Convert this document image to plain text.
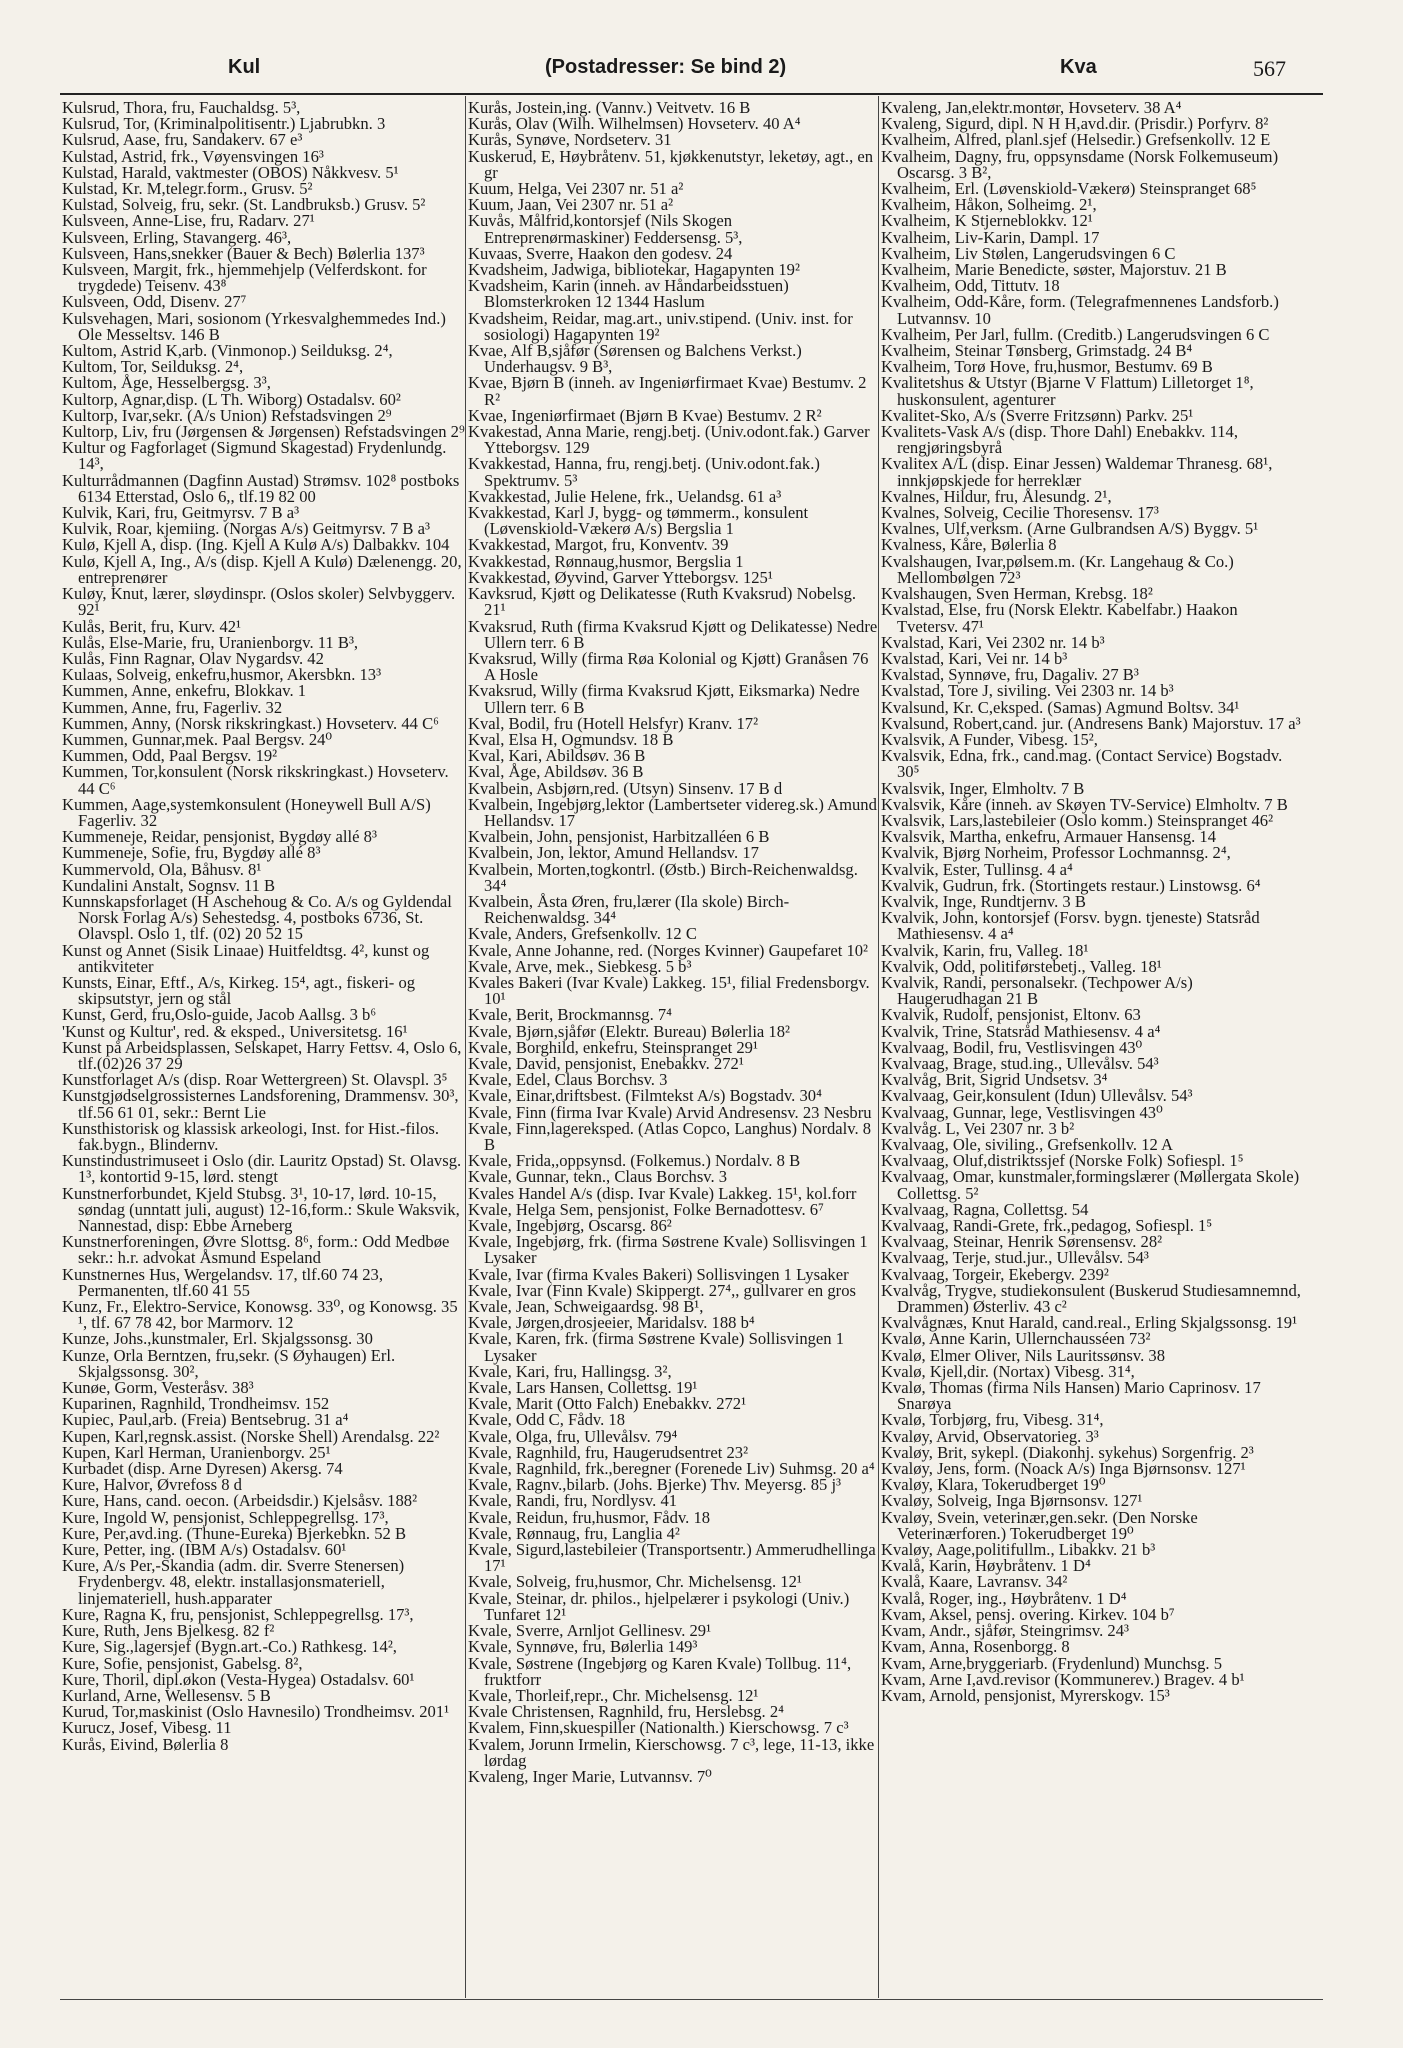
Kul	(Postadresser: Se bind 2)	Kva	567
Kulsrud, Thora, fru, Fauchaldsg. 5³,
Kulsrud, Tor, (Kriminalpolitisentr.) Ljabrubkn. 3
Kulsrud, Aase, fru, Sandakerv. 67 e³
Kulstad, Astrid, frk., Vøyensvingen 16³
Kulstad, Harald, vaktmester (OBOS) Nåkkvesv. 5¹
Kulstad, Kr. M,telegr.form., Grusv. 5²
Kulstad, Solveig, fru, sekr. (St. Landbruksb.) Grusv. 5²
Kulsveen, Anne-Lise, fru, Radarv. 27¹
Kulsveen, Erling, Stavangerg. 46³,
Kulsveen, Hans,snekker (Bauer & Bech) Bølerlia 137³
Kulsveen, Margit, frk., hjemmehjelp (Velferdskont. for trygdede) Teisenv. 43⁸
Kulsveen, Odd, Disenv. 27⁷
Kulsvehagen, Mari, sosionom (Yrkesvalghemmedes Ind.) Ole Messeltsv. 146 B
Kultom, Astrid K,arb. (Vinmonop.) Seilduksg. 2⁴,
Kultom, Tor, Seilduksg. 2⁴,
Kultom, Åge, Hesselbergsg. 3³,
Kultorp, Agnar,disp. (L Th. Wiborg) Ostadalsv. 60²
Kultorp, Ivar,sekr. (A/s Union) Refstadsvingen 2⁹
Kultorp, Liv, fru (Jørgensen & Jørgensen) Refstadsvingen 2⁹
Kultur og Fagforlaget (Sigmund Skagestad) Frydenlundg. 14³,
Kulturrådmannen (Dagfinn Austad) Strømsv. 102⁸ postboks 6134 Etterstad, Oslo 6,, tlf.19 82 00
Kulvik, Kari, fru, Geitmyrsv. 7 B a³
Kulvik, Roar, kjemiing. (Norgas A/s) Geitmyrsv. 7 B a³
Kulø, Kjell A, disp. (Ing. Kjell A Kulø A/s) Dalbakkv. 104
Kulø, Kjell A, Ing., A/s (disp. Kjell A Kulø) Dælenengg. 20, entreprenører
Kuløy, Knut, lærer, sløydinspr. (Oslos skoler) Selvbyggerv. 92¹
Kulås, Berit, fru, Kurv. 42¹
Kulås, Else-Marie, fru, Uranienborgv. 11 B³,
Kulås, Finn Ragnar, Olav Nygardsv. 42
Kulaas, Solveig, enkefru,husmor, Akersbkn. 13³
Kummen, Anne, enkefru, Blokkav. 1
Kummen, Anne, fru, Fagerliv. 32
Kummen, Anny, (Norsk rikskringkast.) Hovseterv. 44 C⁶
Kummen, Gunnar,mek. Paal Bergsv. 24⁰
Kummen, Odd, Paal Bergsv. 19²
Kummen, Tor,konsulent (Norsk rikskringkast.) Hovseterv. 44 C⁶
Kummen, Aage,systemkonsulent (Honeywell Bull A/S) Fagerliv. 32
Kummeneje, Reidar, pensjonist, Bygdøy allé 8³
Kummeneje, Sofie, fru, Bygdøy allé 8³
Kummervold, Ola, Båhusv. 8¹
Kundalini Anstalt, Sognsv. 11 B
Kunnskapsforlaget (H Aschehoug & Co. A/s og Gyldendal Norsk Forlag A/s) Sehestedsg. 4, postboks 6736, St. Olavspl. Oslo 1, tlf. (02) 20 52 15
Kunst og Annet (Sisik Linaae) Huitfeldtsg. 4², kunst og antikviteter
Kunsts, Einar, Eftf., A/s, Kirkeg. 15⁴, agt., fiskeri- og skipsutstyr, jern og stål
Kunst, Gerd, fru,Oslo-guide, Jacob Aallsg. 3 b⁶
'Kunst og Kultur', red. & eksped., Universitetsg. 16¹
Kunst på Arbeidsplassen, Selskapet, Harry Fettsv. 4, Oslo 6, tlf.(02)26 37 29
Kunstforlaget A/s (disp. Roar Wettergreen) St. Olavspl. 3⁵
Kunstgjødselgrossisternes Landsforening, Drammensv. 30³, tlf.56 61 01, sekr.: Bernt Lie
Kunsthistorisk og klassisk arkeologi, Inst. for Hist.-filos. fak.bygn., Blindernv.
Kunstindustrimuseet i Oslo (dir. Lauritz Opstad) St. Olavsg. 1³, kontortid 9-15, lørd. stengt
Kunstnerforbundet, Kjeld Stubsg. 3¹, 10-17, lørd. 10-15, søndag (unntatt juli, august) 12-16,form.: Skule Waksvik, Nannestad, disp: Ebbe Arneberg
Kunstnerforeningen, Øvre Slottsg. 8⁶, form.: Odd Medbøe sekr.: h.r. advokat Åsmund Espeland
Kunstnernes Hus, Wergelandsv. 17, tlf.60 74 23, Permanenten, tlf.60 41 55
Kunz, Fr., Elektro-Service, Konowsg. 33⁰, og Konowsg. 35 ¹, tlf. 67 78 42, bor Marmorv. 12
Kunze, Johs.,kunstmaler, Erl. Skjalgssonsg. 30
Kunze, Orla Berntzen, fru,sekr. (S Øyhaugen) Erl. Skjalgssonsg. 30²,
Kunøe, Gorm, Vesteråsv. 38³
Kuparinen, Ragnhild, Trondheimsv. 152
Kupiec, Paul,arb. (Freia) Bentsebrug. 31 a⁴
Kupen, Karl,regnsk.assist. (Norske Shell) Arendalsg. 22²
Kupen, Karl Herman, Uranienborgv. 25¹
Kurbadet (disp. Arne Dyresen) Akersg. 74
Kure, Halvor, Øvrefoss 8 d
Kure, Hans, cand. oecon. (Arbeidsdir.) Kjelsåsv. 188²
Kure, Ingold W, pensjonist, Schleppegrellsg. 17³,
Kure, Per,avd.ing. (Thune-Eureka) Bjerkebkn. 52 B
Kure, Petter, ing. (IBM A/s) Ostadalsv. 60¹
Kure, A/s Per,-Skandia (adm. dir. Sverre Stenersen) Frydenbergv. 48, elektr. installasjonsmateriell, linjemateriell, hush.apparater
Kure, Ragna K, fru, pensjonist, Schleppegrellsg. 17³,
Kure, Ruth, Jens Bjelkesg. 82 f²
Kure, Sig.,lagersjef (Bygn.art.-Co.) Rathkesg. 14²,
Kure, Sofie, pensjonist, Gabelsg. 8²,
Kure, Thoril, dipl.økon (Vesta-Hygea) Ostadalsv. 60¹
Kurland, Arne, Wellesensv. 5 B
Kurud, Tor,maskinist (Oslo Havnesilo) Trondheimsv. 201¹
Kurucz, Josef, Vibesg. 11
Kurås, Eivind, Bølerlia 8
Kurås, Jostein,ing. (Vannv.) Veitvetv. 16 B
Kurås, Olav (Wilh. Wilhelmsen) Hovseterv. 40 A⁴
Kurås, Synøve, Nordseterv. 31
Kuskerud, E, Høybråtenv. 51, kjøkkenutstyr, leketøy, agt., en gr
Kuum, Helga, Vei 2307 nr. 51 a²
Kuum, Jaan, Vei 2307 nr. 51 a²
Kuvås, Målfrid,kontorsjef (Nils Skogen Entreprenørmaskiner) Feddersensg. 5³,
Kuvaas, Sverre, Haakon den godesv. 24
Kvadsheim, Jadwiga, bibliotekar, Hagapynten 19²
Kvadsheim, Karin (inneh. av Håndarbeidsstuen) Blomsterkroken 12 1344 Haslum
Kvadsheim, Reidar, mag.art., univ.stipend. (Univ. inst. for sosiologi) Hagapynten 19²
Kvae, Alf B,sjåfør (Sørensen og Balchens Verkst.) Underhaugsv. 9 B³,
Kvae, Bjørn B (inneh. av Ingeniørfirmaet Kvae) Bestumv. 2 R²
Kvae, Ingeniørfirmaet (Bjørn B Kvae) Bestumv. 2 R²
Kvakestad, Anna Marie, rengj.betj. (Univ.odont.fak.) Garver Ytteborgsv. 129
Kvakkestad, Hanna, fru, rengj.betj. (Univ.odont.fak.) Spektrumv. 5³
Kvakkestad, Julie Helene, frk., Uelandsg. 61 a³
Kvakkestad, Karl J, bygg- og tømmerm., konsulent (Løvenskiold-Vækerø A/s) Bergslia 1
Kvakkestad, Margot, fru, Konventv. 39
Kvakkestad, Rønnaug,husmor, Bergslia 1
Kvakkestad, Øyvind, Garver Ytteborgsv. 125¹
Kavksrud, Kjøtt og Delikatesse (Ruth Kvaksrud) Nobelsg. 21¹
Kvaksrud, Ruth (firma Kvaksrud Kjøtt og Delikatesse) Nedre Ullern terr. 6 B
Kvaksrud, Willy (firma Røa Kolonial og Kjøtt) Granåsen 76 A Hosle
Kvaksrud, Willy (firma Kvaksrud Kjøtt, Eiksmarka) Nedre Ullern terr. 6 B
Kval, Bodil, fru (Hotell Helsfyr) Kranv. 17²
Kval, Elsa H, Ogmundsv. 18 B
Kval, Kari, Abildsøv. 36 B
Kval, Åge, Abildsøv. 36 B
Kvalbein, Asbjørn,red. (Utsyn) Sinsenv. 17 B d
Kvalbein, Ingebjørg,lektor (Lambertseter videreg.sk.) Amund Hellandsv. 17
Kvalbein, John, pensjonist, Harbitzalléen 6 B
Kvalbein, Jon, lektor, Amund Hellandsv. 17
Kvalbein, Morten,togkontrl. (Østb.) Birch-Reichenwaldsg. 34⁴
Kvalbein, Åsta Øren, fru,lærer (Ila skole) Birch-Reichenwaldsg. 34⁴
Kvale, Anders, Grefsenkollv. 12 C
Kvale, Anne Johanne, red. (Norges Kvinner) Gaupefaret 10²
Kvale, Arve, mek., Siebkesg. 5 b³
Kvales Bakeri (Ivar Kvale) Lakkeg. 15¹, filial Fredensborgv. 10¹
Kvale, Berit, Brockmannsg. 7⁴
Kvale, Bjørn,sjåfør (Elektr. Bureau) Bølerlia 18²
Kvale, Borghild, enkefru, Steinspranget 29¹
Kvale, David, pensjonist, Enebakkv. 272¹
Kvale, Edel, Claus Borchsv. 3
Kvale, Einar,driftsbest. (Filmtekst A/s) Bogstadv. 30⁴
Kvale, Finn (firma Ivar Kvale) Arvid Andresensv. 23 Nesbru
Kvale, Finn,lagereksped. (Atlas Copco, Langhus) Nordalv. 8 B
Kvale, Frida,,oppsynsd. (Folkemus.) Nordalv. 8 B
Kvale, Gunnar, tekn., Claus Borchsv. 3
Kvales Handel A/s (disp. Ivar Kvale) Lakkeg. 15¹, kol.forr
Kvale, Helga Sem, pensjonist, Folke Bernadottesv. 6⁷
Kvale, Ingebjørg, Oscarsg. 86²
Kvale, Ingebjørg, frk. (firma Søstrene Kvale) Sollisvingen 1 Lysaker
Kvale, Ivar (firma Kvales Bakeri) Sollisvingen 1 Lysaker
Kvale, Ivar (Finn Kvale) Skippergt. 27⁴,, gullvarer en gros
Kvale, Jean, Schweigaardsg. 98 B¹,
Kvale, Jørgen,drosjeeier, Maridalsv. 188 b⁴
Kvale, Karen, frk. (firma Søstrene Kvale) Sollisvingen 1 Lysaker
Kvale, Kari, fru, Hallingsg. 3²,
Kvale, Lars Hansen, Collettsg. 19¹
Kvale, Marit (Otto Falch) Enebakkv. 272¹
Kvale, Odd C, Fådv. 18
Kvale, Olga, fru, Ullevålsv. 79⁴
Kvale, Ragnhild, fru, Haugerudsentret 23²
Kvale, Ragnhild, frk.,beregner (Forenede Liv) Suhmsg. 20 a⁴
Kvale, Ragnv.,bilarb. (Johs. Bjerke) Thv. Meyersg. 85 j³
Kvale, Randi, fru, Nordlysv. 41
Kvale, Reidun, fru,husmor, Fådv. 18
Kvale, Rønnaug, fru, Langlia 4²
Kvale, Sigurd,lastebileier (Transportsentr.) Ammerudhellinga 17¹
Kvale, Solveig, fru,husmor, Chr. Michelsensg. 12¹
Kvale, Steinar, dr. philos., hjelpelærer i psykologi (Univ.) Tunfaret 12¹
Kvale, Sverre, Arnljot Gellinesv. 29¹
Kvale, Synnøve, fru, Bølerlia 149³
Kvale, Søstrene (Ingebjørg og Karen Kvale) Tollbug. 11⁴, fruktforr
Kvale, Thorleif,repr., Chr. Michelsensg. 12¹
Kvale Christensen, Ragnhild, fru, Herslebsg. 2⁴
Kvalem, Finn,skuespiller (Nationalth.) Kierschowsg. 7 c³
Kvalem, Jorunn Irmelin, Kierschowsg. 7 c³, lege, 11-13, ikke lørdag
Kvaleng, Inger Marie, Lutvannsv. 7⁰
Kvaleng, Jan,elektr.montør, Hovseterv. 38 A⁴
Kvaleng, Sigurd, dipl. N H H,avd.dir. (Prisdir.) Porfyrv. 8²
Kvalheim, Alfred, planl.sjef (Helsedir.) Grefsenkollv. 12 E
Kvalheim, Dagny, fru, oppsynsdame (Norsk Folkemuseum) Oscarsg. 3 B²,
Kvalheim, Erl. (Løvenskiold-Vækerø) Steinspranget 68⁵
Kvalheim, Håkon, Solheimg. 2¹,
Kvalheim, K Stjerneblokkv. 12¹
Kvalheim, Liv-Karin, Dampl. 17
Kvalheim, Liv Stølen, Langerudsvingen 6 C
Kvalheim, Marie Benedicte, søster, Majorstuv. 21 B
Kvalheim, Odd, Tittutv. 18
Kvalheim, Odd-Kåre, form. (Telegrafmennenes Landsforb.) Lutvannsv. 10
Kvalheim, Per Jarl, fullm. (Creditb.) Langerudsvingen 6 C
Kvalheim, Steinar Tønsberg, Grimstadg. 24 B⁴
Kvalheim, Torø Hove, fru,husmor, Bestumv. 69 B
Kvalitetshus & Utstyr (Bjarne V Flattum) Lilletorget 1⁸, huskonsulent, agenturer
Kvalitet-Sko, A/s (Sverre Fritzsønn) Parkv. 25¹
Kvalitets-Vask A/s (disp. Thore Dahl) Enebakkv. 114, rengjøringsbyrå
Kvalitex A/L (disp. Einar Jessen) Waldemar Thranesg. 68¹, innkjøpskjede for herreklær
Kvalnes, Hildur, fru, Ålesundg. 2¹,
Kvalnes, Solveig, Cecilie Thoresensv. 17³
Kvalnes, Ulf,verksm. (Arne Gulbrandsen A/S) Byggv. 5¹
Kvalness, Kåre, Bølerlia 8
Kvalshaugen, Ivar,pølsem.m. (Kr. Langehaug & Co.) Mellombølgen 72³
Kvalshaugen, Sven Herman, Krebsg. 18²
Kvalstad, Else, fru (Norsk Elektr. Kabelfabr.) Haakon Tvetersv. 47¹
Kvalstad, Kari, Vei 2302 nr. 14 b³
Kvalstad, Kari, Vei nr. 14 b³
Kvalstad, Synnøve, fru, Dagaliv. 27 B³
Kvalstad, Tore J, siviling. Vei 2303 nr. 14 b³
Kvalsund, Kr. C,eksped. (Samas) Agmund Boltsv. 34¹
Kvalsund, Robert,cand. jur. (Andresens Bank) Majorstuv. 17 a³
Kvalsvik, A Funder, Vibesg. 15²,
Kvalsvik, Edna, frk., cand.mag. (Contact Service) Bogstadv. 30⁵
Kvalsvik, Inger, Elmholtv. 7 B
Kvalsvik, Kåre (inneh. av Skøyen TV-Service) Elmholtv. 7 B
Kvalsvik, Lars,lastebileier (Oslo komm.) Steinspranget 46²
Kvalsvik, Martha, enkefru, Armauer Hansensg. 14
Kvalvik, Bjørg Norheim, Professor Lochmannsg. 2⁴,
Kvalvik, Ester, Tullinsg. 4 a⁴
Kvalvik, Gudrun, frk. (Stortingets restaur.) Linstowsg. 6⁴
Kvalvik, Inge, Rundtjernv. 3 B
Kvalvik, John, kontorsjef (Forsv. bygn. tjeneste) Statsråd Mathiesensv. 4 a⁴
Kvalvik, Karin, fru, Valleg. 18¹
Kvalvik, Odd, politiførstebetj., Valleg. 18¹
Kvalvik, Randi, personalsekr. (Techpower A/s) Haugerudhagan 21 B
Kvalvik, Rudolf, pensjonist, Eltonv. 63
Kvalvik, Trine, Statsråd Mathiesensv. 4 a⁴
Kvalvaag, Bodil, fru, Vestlisvingen 43⁰
Kvalvaag, Brage, stud.ing., Ullevålsv. 54³
Kvalvåg, Brit, Sigrid Undsetsv. 3⁴
Kvalvaag, Geir,konsulent (Idun) Ullevålsv. 54³
Kvalvaag, Gunnar, lege, Vestlisvingen 43⁰
Kvalvåg. L, Vei 2307 nr. 3 b²
Kvalvaag, Ole, siviling., Grefsenkollv. 12 A
Kvalvaag, Oluf,distriktssjef (Norske Folk) Sofiespl. 1⁵
Kvalvaag, Omar, kunstmaler,formingslærer (Møllergata Skole) Collettsg. 5²
Kvalvaag, Ragna, Collettsg. 54
Kvalvaag, Randi-Grete, frk.,pedagog, Sofiespl. 1⁵
Kvalvaag, Steinar, Henrik Sørensensv. 28²
Kvalvaag, Terje, stud.jur., Ullevålsv. 54³
Kvalvaag, Torgeir, Ekebergv. 239²
Kvalvåg, Trygve, studiekonsulent (Buskerud Studiesamnemnd, Drammen) Østerliv. 43 c²
Kvalvågnæs, Knut Harald, cand.real., Erling Skjalgssonsg. 19¹
Kvalø, Anne Karin, Ullernchausséen 73²
Kvalø, Elmer Oliver, Nils Lauritssønsv. 38
Kvalø, Kjell,dir. (Nortax) Vibesg. 31⁴,
Kvalø, Thomas (firma Nils Hansen) Mario Caprinosv. 17 Snarøya
Kvalø, Torbjørg, fru, Vibesg. 31⁴,
Kvaløy, Arvid, Observatorieg. 3³
Kvaløy, Brit, sykepl. (Diakonhj. sykehus) Sorgenfrig. 2³
Kvaløy, Jens, form. (Noack A/s) Inga Bjørnsonsv. 127¹
Kvaløy, Klara, Tokerudberget 19⁰
Kvaløy, Solveig, Inga Bjørnsonsv. 127¹
Kvaløy, Svein, veterinær,gen.sekr. (Den Norske Veterinærforen.) Tokerudberget 19⁰
Kvaløy, Aage,politifullm., Libakkv. 21 b³
Kvalå, Karin, Høybråtenv. 1 D⁴
Kvalå, Kaare, Lavransv. 34²
Kvalå, Roger, ing., Høybråtenv. 1 D⁴
Kvam, Aksel, pensj. overing. Kirkev. 104 b⁷
Kvam, Andr., sjåfør, Steingrimsv. 24³
Kvam, Anna, Rosenborgg. 8
Kvam, Arne,bryggeriarb. (Frydenlund) Munchsg. 5
Kvam, Arne I,avd.revisor (Kommunerev.) Bragev. 4 b¹
Kvam, Arnold, pensjonist, Myrerskogv. 15³
